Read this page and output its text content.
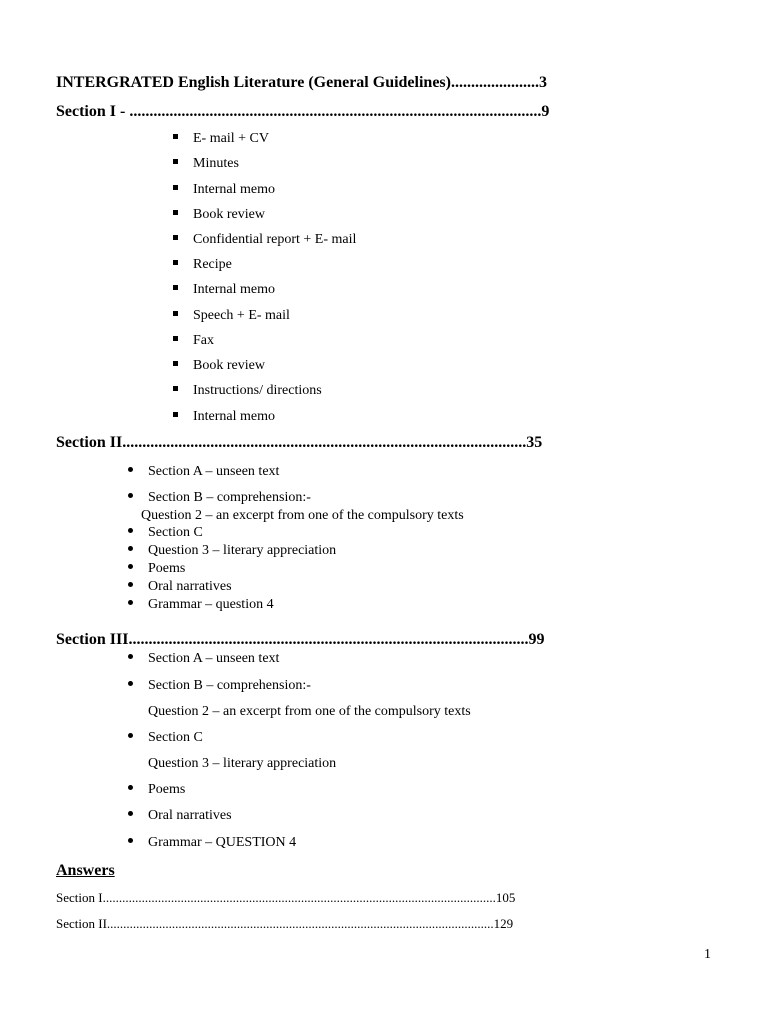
INTERGRATED English Literature (General Guidelines)......................3
Section I - .......................................................................................................9
E- mail + CV
Minutes
Internal memo
Book review
Confidential report + E- mail
Recipe
Internal memo
Speech + E- mail
Fax
Book review
Instructions/ directions
Internal memo
Section II.....................................................................................................35
Section A – unseen text
Section B – comprehension:-
Question 2 – an excerpt from one of the compulsory texts
Section C
Question 3 – literary appreciation
Poems
Oral narratives
Grammar – question 4
Section III....................................................................................................99
Section A – unseen text
Section B – comprehension:-
Question 2 – an excerpt from one of the compulsory texts
Section C
Question 3 – literary appreciation
Poems
Oral narratives
Grammar – QUESTION 4
Answers
Section I.........................................................................................................................105
Section II.......................................................................................................................129
1
